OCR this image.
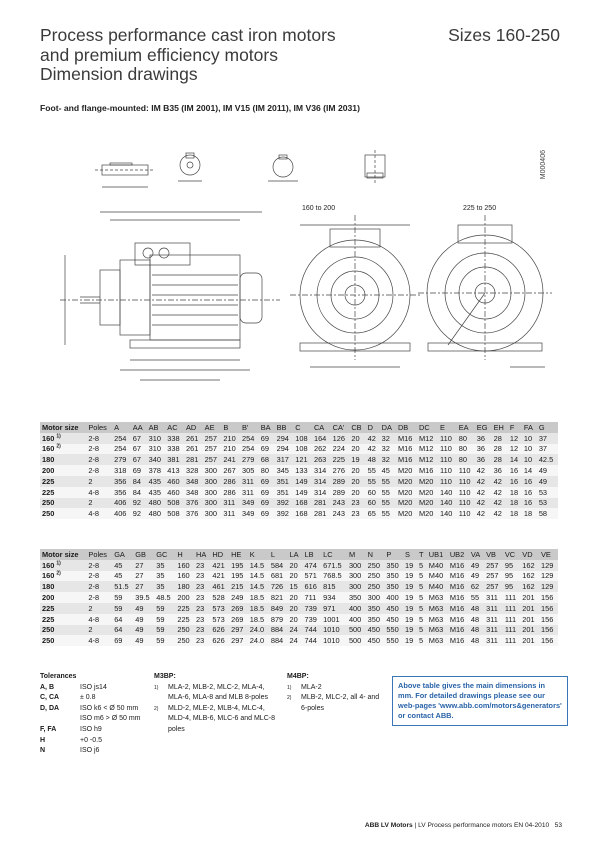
Process performance cast iron motors
and premium efficiency motors
Dimension drawings
Sizes 160-250
Foot- and flange-mounted: IM B35 (IM 2001), IM V15 (IM 2011), IM V36 (IM 2031)
M000406
160 to 200	225 to 250
Motor size	Poles	A	AA	AB	AC	AD	AE	B	B'	BA	BB	C	CA	CA'	CB	D	DA	DB	DC	E	EA	EG	EH	F	FA	G
160 $^{1)}$	2-8	254	67	310	338	261	257	210	254	69	294	108	164	126	20	42	32	M16	M12	110	80	36	28	12	10	37
160 $^{2)}$	2-8	254	67	310	338	261	257	210	254	69	294	108	262	224	20	42	32	M16	M12	110	80	36	28	12	10	37
180	2-8	279	67	340	381	281	257	241	279	68	317	121	263	225	19	48	32	M16	M12	110	80	36	28	14	10	42.5
200	2-8	318	69	378	413	328	300	267	305	80	345	133	314	276	20	55	45	M20	M16	110	110	42	36	16	14	49
225	2	356	84	435	460	348	300	286	311	69	351	149	314	289	20	55	55	M20	M20	110	110	42	42	16	16	49
225	4-8	356	84	435	460	348	300	286	311	69	351	149	314	289	20	60	55	M20	M20	140	110	42	42	18	16	53
250	2	406	92	480	508	376	300	311	349	69	392	168	281	243	23	60	55	M20	M20	140	110	42	42	18	16	53
250	4-8	406	92	480	508	376	300	311	349	69	392	168	281	243	23	65	55	M20	M20	140	110	42	42	18	18	58
Motor size	Poles	GA	GB	GC	H	HA	HD	HE	K	L	LA	LB	LC	M	N	P	S	T	UB1	UB2	VA	VB	VC	VD	VE
160 $^{1)}$	2-8	45	27	35	160	23	421	195	14.5	584	20	474	671.5	300	250	350	19	5	M40	M16	49	257	95	162	129
160 $^{2)}$	2-8	45	27	35	160	23	421	195	14.5	681	20	571	768.5	300	250	350	19	5	M40	M16	49	257	95	162	129
180	2-8	51.5	27	35	180	23	461	215	14.5	726	15	616	815	300	250	350	19	5	M40	M16	62	257	95	162	129
200	2-8	59	39.5	48.5	200	23	528	249	18.5	821	20	711	934	350	300	400	19	5	M63	M16	55	311	111	201	156
225	2	59	49	59	225	23	573	269	18.5	849	20	739	971	400	350	450	19	5	M63	M16	48	311	111	201	156
225	4-8	64	49	59	225	23	573	269	18.5	879	20	739	1001	400	350	450	19	5	M63	M16	48	311	111	201	156
250	2	64	49	59	250	23	626	297	24.0	884	24	744	1010	500	450	550	19	5	M63	M16	48	311	111	201	156
250	4-8	69	49	59	250	23	626	297	24.0	884	24	744	1010	500	450	550	19	5	M63	M16	48	311	111	201	156
Tolerances
A, B	ISO js14
C, CA	± 0.8
D, DA	ISO k6 < Ø 50 mm
	ISO m6 > Ø 50 mm
F, FA	ISO h9
H	+0 -0.5
N	ISO j6
M3BP:
1)	MLA-2, MLB-2, MLC-2, MLA-4,
	MLA-6, MLA-8 and MLB 8-poles
2)	MLD-2, MLE-2, MLB-4, MLC-4,
	MLD-4, MLB-6, MLC-6 and MLC-8
	poles
M4BP:
1)	MLA-2
2)	MLB-2, MLC-2, all 4- and
	6-poles
Above table gives the main dimensions in mm. For detailed drawings please see our web-pages 'www.abb.com/motors&generators' or contact ABB.
ABB LV Motors | LV Process performance motors EN 04-2010 53
